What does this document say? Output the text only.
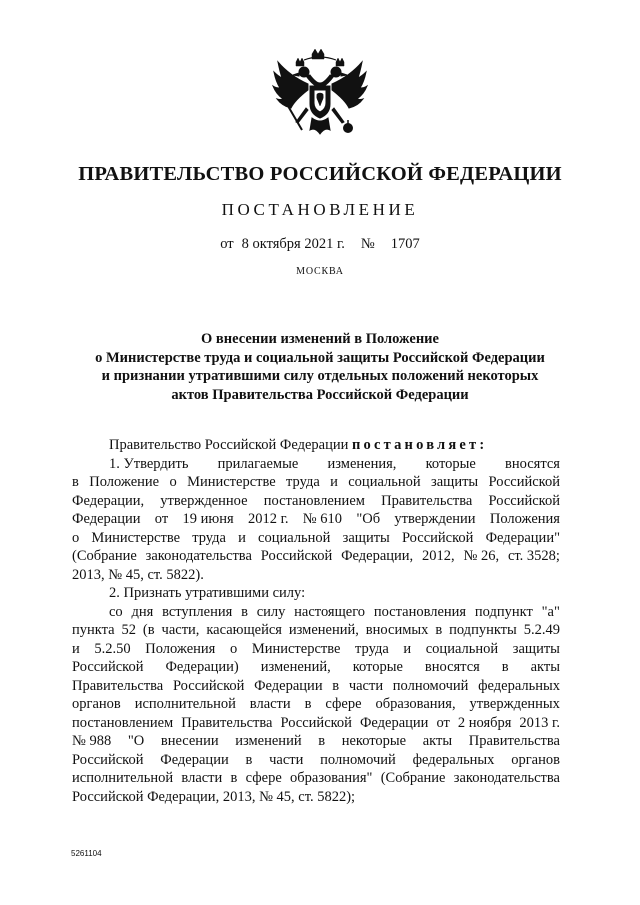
ПРАВИТЕЛЬСТВО РОССИЙСКОЙ ФЕДЕРАЦИИ
ПОСТАНОВЛЕНИЕ
от 8 октября 2021 г. № 1707
МОСКВА
О внесении изменений в Положение
о Министерстве труда и социальной защиты Российской Федерации
и признании утратившими силу отдельных положений некоторых
актов Правительства Российской Федерации
Правительство Российской Федерации
постановляет:
1. Утвердить прилагаемые изменения, которые вносятся
в Положение о Министерстве труда и социальной защиты Российской
Федерации, утвержденное постановлением Правительства Российской
Федерации от 19 июня 2012 г. № 610 "Об утверждении Положения
о Министерстве труда и социальной защиты Российской Федерации"
(Собрание законодательства Российской Федерации, 2012, № 26, ст. 3528;
2013, № 45, ст. 5822).
2. Признать утратившими силу:
со дня вступления в силу настоящего постановления подпункт "а"
пункта 52 (в части, касающейся изменений, вносимых в подпункты 5.2.49
и 5.2.50 Положения о Министерстве труда и социальной защиты
Российской Федерации) изменений, которые вносятся в акты
Правительства Российской Федерации в части полномочий федеральных
органов исполнительной власти в сфере образования, утвержденных
постановлением Правительства Российской Федерации от 2 ноября 2013 г.
№ 988 "О внесении изменений в некоторые акты Правительства
Российской Федерации в части полномочий федеральных органов
исполнительной власти в сфере образования" (Собрание законодательства
Российской Федерации, 2013, № 45, ст. 5822);
5261104
